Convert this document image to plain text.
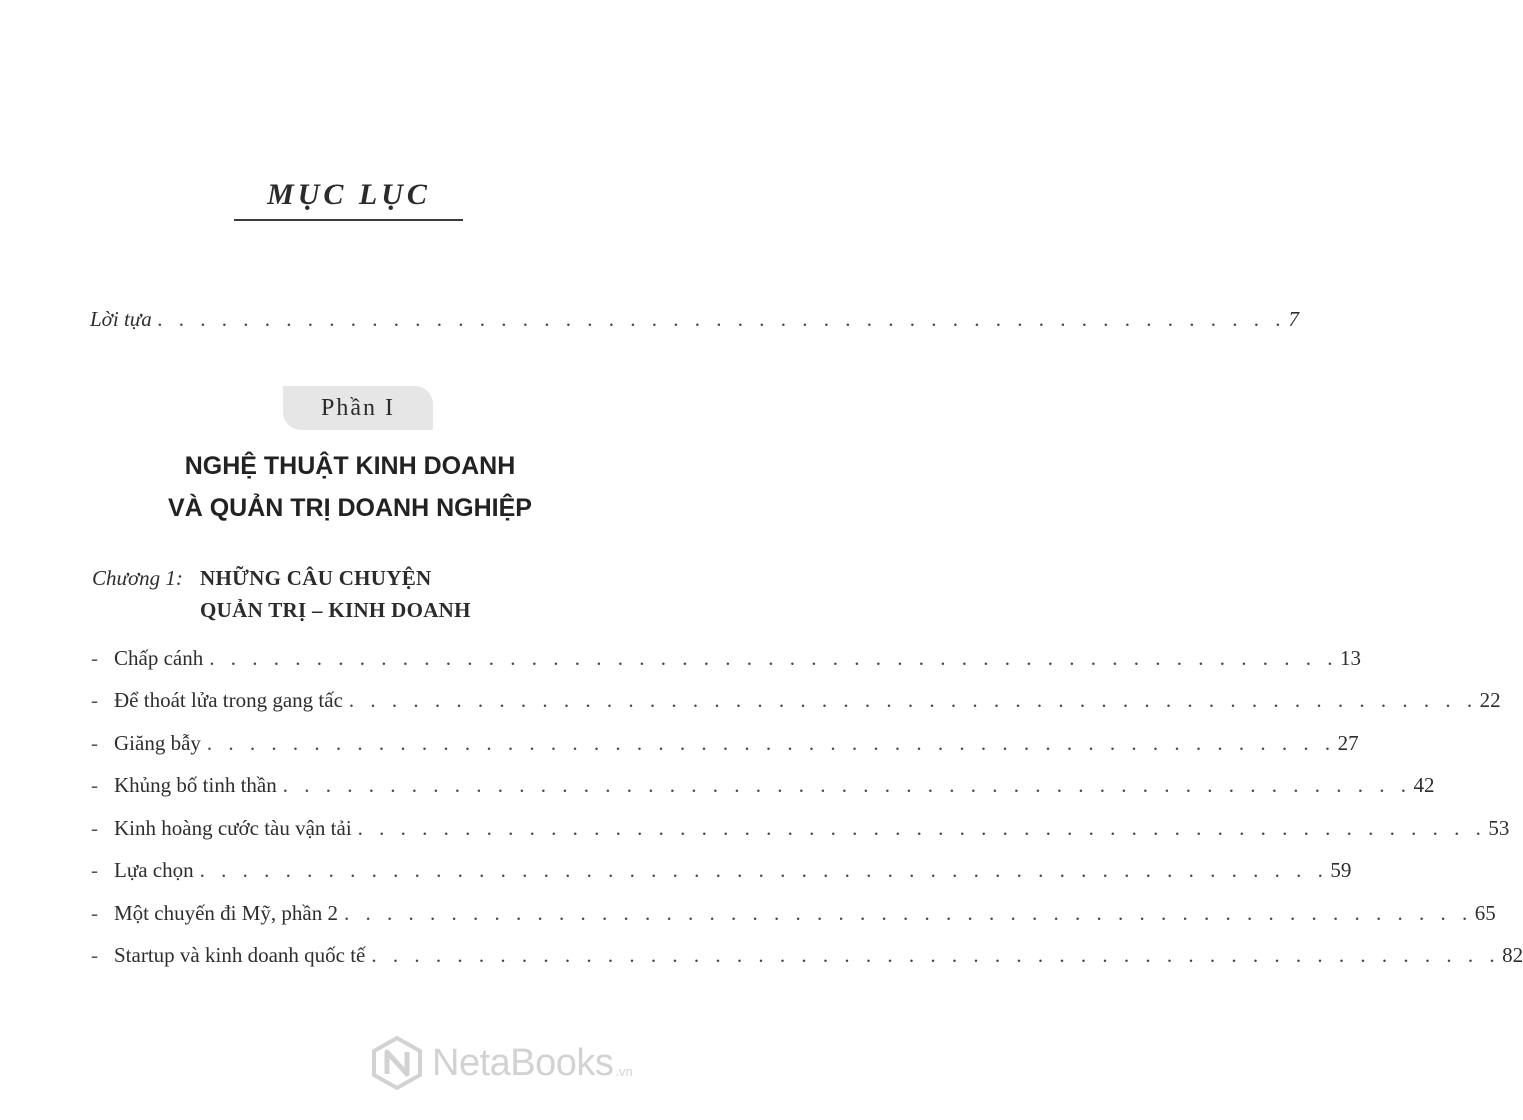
MỤC LỤC
Lời tựa . . . . . . . . . . . . . . . . . . . . . . . . . . . . . . . . . . . . . . . . . . . . . . . . . . . . . 7
Phần I
NGHỆ THUẬT KINH DOANH
VÀ QUẢN TRỊ DOANH NGHIỆP
Chương 1: NHỮNG CÂU CHUYỆN
QUẢN TRỊ – KINH DOANH
- Chấp cánh . . . . . . . . . . . . . . . . . . . . . . . . . . . . . . . . . . . . . . . . . . . . . . . . . . . . . 13
- Để thoát lửa trong gang tấc . . . . . . . . . . . . . . . . . . . . . . . . . . . . . . . . . . . . . . . . . . . . . . . . . . . . . 22
- Giăng bẫy . . . . . . . . . . . . . . . . . . . . . . . . . . . . . . . . . . . . . . . . . . . . . . . . . . . . . 27
- Khủng bố tinh thần . . . . . . . . . . . . . . . . . . . . . . . . . . . . . . . . . . . . . . . . . . . . . . . . . . . . . 42
- Kinh hoàng cước tàu vận tải . . . . . . . . . . . . . . . . . . . . . . . . . . . . . . . . . . . . . . . . . . . . . . . . . . . . . 53
- Lựa chọn . . . . . . . . . . . . . . . . . . . . . . . . . . . . . . . . . . . . . . . . . . . . . . . . . . . . . 59
- Một chuyến đi Mỹ, phần 2 . . . . . . . . . . . . . . . . . . . . . . . . . . . . . . . . . . . . . . . . . . . . . . . . . . . . . 65
- Startup và kinh doanh quốc tế . . . . . . . . . . . . . . . . . . . . . . . . . . . . . . . . . . . . . . . . . . . . . . . . . . . . . 82
NetaBooks .vn
